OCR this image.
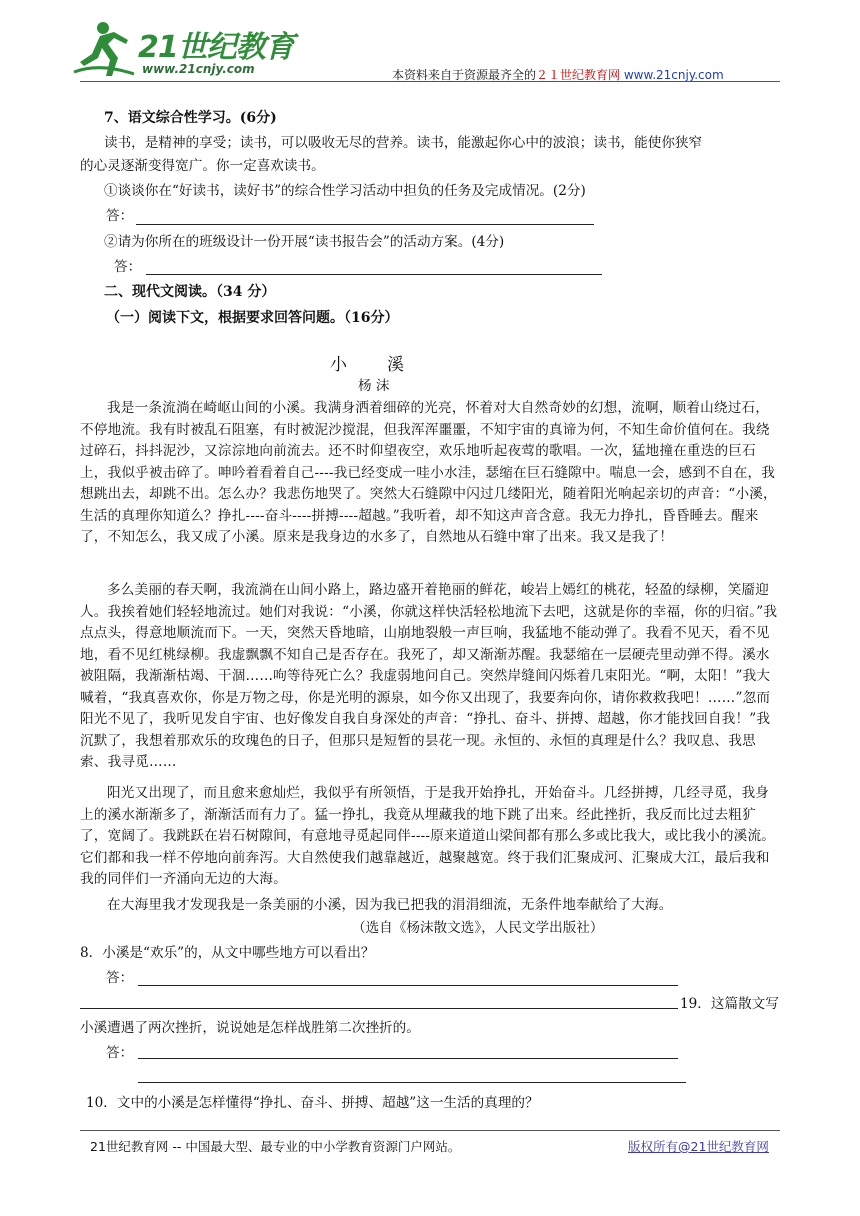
21世纪教育
www.21cnjy.com	本资料来自于资源最齐全的２１世纪教育网 www.21cnjy.com
7、语文综合性学习。(6分)
读书，是精神的享受；读书，可以吸收无尽的营养。读书，能激起你心中的波浪；读书，能使你狭窄
的心灵逐渐变得宽广。你一定喜欢读书。
①谈谈你在“好读书，读好书”的综合性学习活动中担负的任务及完成情况。(2分)
答：
②请为你所在的班级设计一份开展“读书报告会”的活动方案。(4分)
答：
二、现代文阅读。（34 分）
（一）阅读下文，根据要求回答问题。（16分）
小　　溪
杨 沫
我是一条流淌在崎岖山间的小溪。我满身洒着细碎的光亮，怀着对大自然奇妙的幻想，流啊，顺着山绕过石，不停地流。我有时被乱石阻塞，有时被泥沙搅混，但我浑浑噩噩，不知宇宙的真谛为何，不知生命价值何在。我绕过碎石，抖抖泥沙，又淙淙地向前流去。还不时仰望夜空，欢乐地听起夜莺的歌唱。一次，猛地撞在重迭的巨石上，我似乎被击碎了。呻吟着看着自己----我已经变成一哇小水洼，瑟缩在巨石缝隙中。喘息一会，感到不自在，我想跳出去，却跳不出。怎么办？我悲伤地哭了。突然大石缝隙中闪过几缕阳光，随着阳光响起亲切的声音：“小溪，生活的真理你知道么？挣扎----奋斗----拼搏----超越。”我听着，却不知这声音含意。我无力挣扎，昏昏睡去。醒来了，不知怎么，我又成了小溪。原来是我身边的水多了，自然地从石缝中窜了出来。我又是我了！
多么美丽的春天啊，我流淌在山间小路上，路边盛开着艳丽的鲜花，峻岩上嫣红的桃花，轻盈的绿柳，笑靥迎人。我挨着她们轻轻地流过。她们对我说：“小溪，你就这样快活轻松地流下去吧，这就是你的幸福，你的归宿。”我点点头，得意地顺流而下。一天，突然天昏地暗，山崩地裂般一声巨响，我猛地不能动弹了。我看不见天，看不见地，看不见红桃绿柳。我虚飘飘不知自己是否存在。我死了，却又渐渐苏醒。我瑟缩在一层硬壳里动弹不得。溪水被阻隔，我渐渐枯竭、干涸……呴等待死亡么？我虚弱地问自己。突然岸缝间闪烁着几束阳光。“啊，太阳！”我大喊着，“我真喜欢你，你是万物之母，你是光明的源泉，如今你又出现了，我要奔向你，请你救救我吧！……”忽而阳光不见了，我听见发自宇宙、也好像发自我自身深处的声音：“挣扎、奋斗、拼搏、超越，你才能找回自我！”我沉默了，我想着那欢乐的玫瑰色的日子，但那只是短暂的昙花一现。永恒的、永恒的真理是什么？我叹息、我思索、我寻觅……
阳光又出现了，而且愈来愈灿烂，我似乎有所领悟，于是我开始挣扎，开始奋斗。几经拼搏，几经寻觅，我身上的溪水渐渐多了，渐渐活而有力了。猛一挣扎，我竟从埋藏我的地下跳了出来。经此挫折，我反而比过去粗犷了，宽阔了。我跳跃在岩石树隙间，有意地寻觅起同伴----原来道道山梁间都有那么多或比我大，或比我小的溪流。它们都和我一样不停地向前奔泻。大自然使我们越靠越近，越聚越宽。终于我们汇聚成河、汇聚成大江，最后我和我的同伴们一齐涌向无边的大海。
在大海里我才发现我是一条美丽的小溪，因为我已把我的涓涓细流，无条件地奉献给了大海。
（选自《杨沫散文选》，人民文学出版社）
8．小溪是“欢乐”的，从文中哪些地方可以看出？
答：
19．这篇散文写
小溪遭遇了两次挫折，说说她是怎样战胜第二次挫折的。
答：
10．文中的小溪是怎样懂得“挣扎、奋斗、拼搏、超越”这一生活的真理的？
21世纪教育网 -- 中国最大型、最专业的中小学教育资源门户网站。	版权所有@21世纪教育网
